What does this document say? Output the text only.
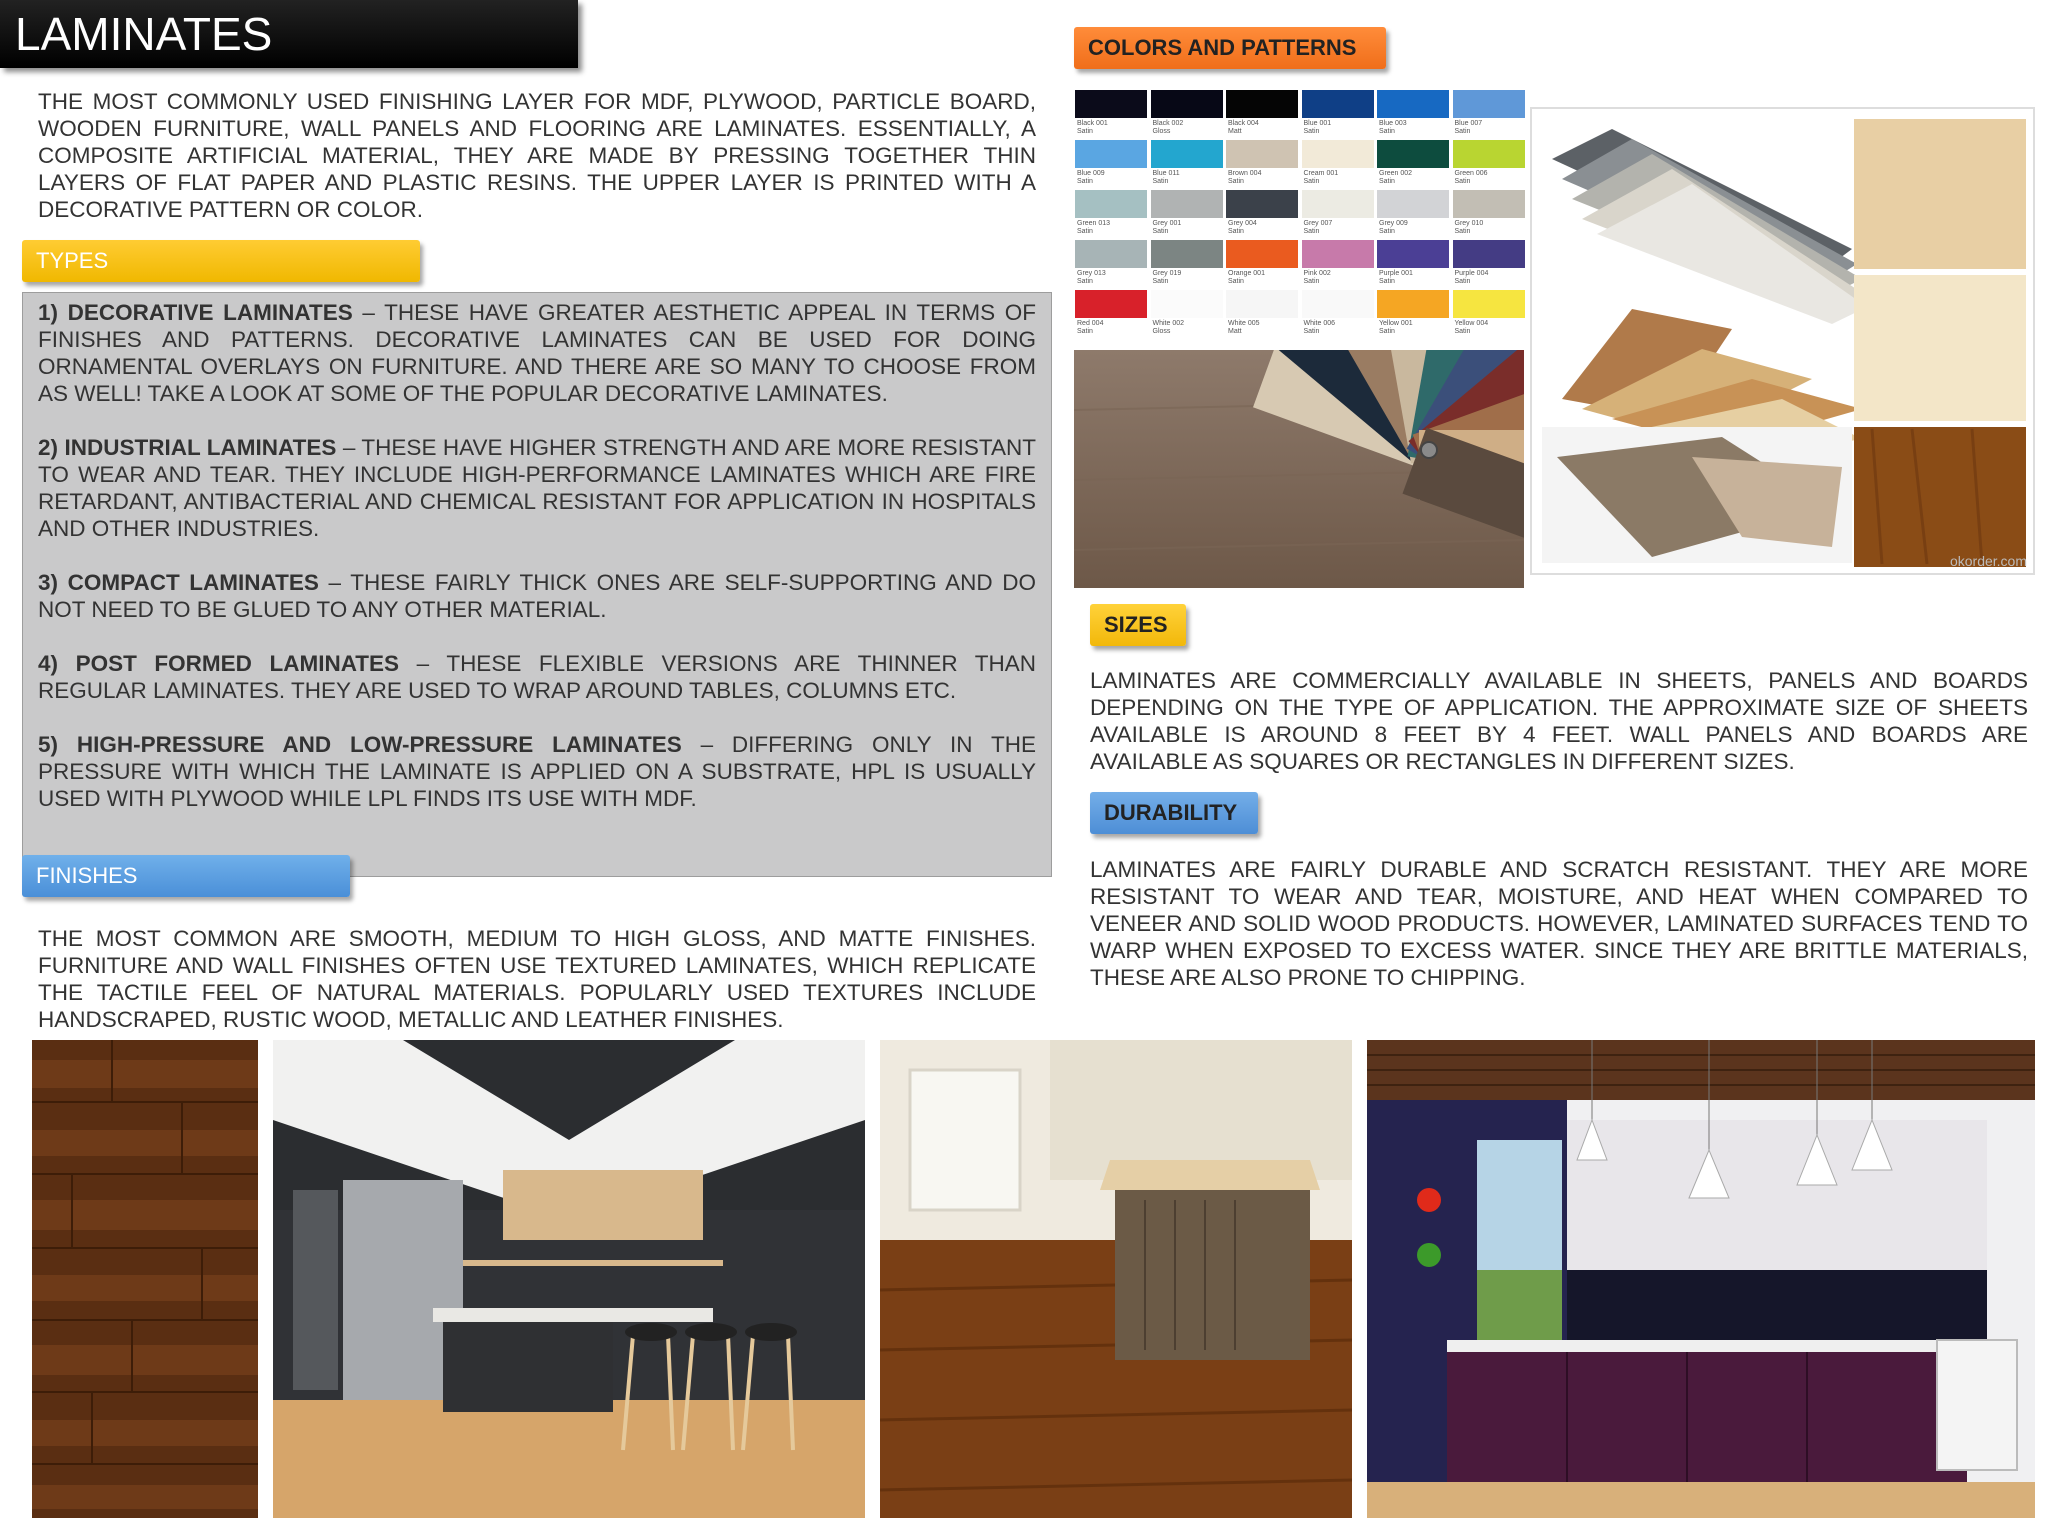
LAMINATES

THE MOST COMMONLY USED FINISHING LAYER FOR MDF, PLYWOOD, PARTICLE BOARD, WOODEN FURNITURE, WALL PANELS AND FLOORING ARE LAMINATES. ESSENTIALLY, A COMPOSITE ARTIFICIAL MATERIAL, THEY ARE MADE BY PRESSING TOGETHER THIN LAYERS OF FLAT PAPER AND PLASTIC RESINS. THE UPPER LAYER IS PRINTED WITH A DECORATIVE PATTERN OR COLOR.

TYPES

1) DECORATIVE LAMINATES – THESE HAVE GREATER AESTHETIC APPEAL IN TERMS OF FINISHES AND PATTERNS. DECORATIVE LAMINATES CAN BE USED FOR DOING ORNAMENTAL OVERLAYS ON FURNITURE. AND THERE ARE SO MANY TO CHOOSE FROM AS WELL! TAKE A LOOK AT SOME OF THE POPULAR DECORATIVE LAMINATES.

2) INDUSTRIAL LAMINATES – THESE HAVE HIGHER STRENGTH AND ARE MORE RESISTANT TO WEAR AND TEAR. THEY INCLUDE HIGH-PERFORMANCE LAMINATES WHICH ARE FIRE RETARDANT, ANTIBACTERIAL AND CHEMICAL RESISTANT FOR APPLICATION IN HOSPITALS AND OTHER INDUSTRIES.

3) COMPACT LAMINATES – THESE FAIRLY THICK ONES ARE SELF-SUPPORTING AND DO NOT NEED TO BE GLUED TO ANY OTHER MATERIAL.

4) POST FORMED LAMINATES – THESE FLEXIBLE VERSIONS ARE THINNER THAN REGULAR LAMINATES. THEY ARE USED TO WRAP AROUND TABLES, COLUMNS ETC.

5) HIGH-PRESSURE AND LOW-PRESSURE LAMINATES – DIFFERING ONLY IN THE PRESSURE WITH WHICH THE LAMINATE IS APPLIED ON A SUBSTRATE, HPL IS USUALLY USED WITH PLYWOOD WHILE LPL FINDS ITS USE WITH MDF.

FINISHES

THE MOST COMMON ARE SMOOTH, MEDIUM TO HIGH GLOSS, AND MATTE FINISHES. FURNITURE AND WALL FINISHES OFTEN USE TEXTURED LAMINATES, WHICH REPLICATE THE TACTILE FEEL OF NATURAL MATERIALS. POPULARLY USED TEXTURES INCLUDE HANDSCRAPED, RUSTIC WOOD, METALLIC AND LEATHER FINISHES.

COLORS AND PATTERNS
Black 001
Satin
Black 002
Gloss
Black 004
Matt
Blue 001
Satin
Blue 003
Satin
Blue 007
Satin
Blue 009
Satin
Blue 011
Satin
Brown 004
Satin
Cream 001
Satin
Green 002
Satin
Green 006
Satin
Green 013
Satin
Grey 001
Satin
Grey 004
Satin
Grey 007
Satin
Grey 009
Satin
Grey 010
Satin
Grey 013
Satin
Grey 019
Satin
Orange 001
Satin
Pink 002
Satin
Purple 001
Satin
Purple 004
Satin
Red 004
Satin
White 002
Gloss
White 005
Matt
White 006
Satin
Yellow 001
Satin
Yellow 004
Satin
okorder.com
SIZES

LAMINATES ARE COMMERCIALLY AVAILABLE IN SHEETS, PANELS AND BOARDS DEPENDING ON THE TYPE OF APPLICATION. THE APPROXIMATE SIZE OF SHEETS AVAILABLE IS AROUND 8 FEET BY 4 FEET. WALL PANELS AND BOARDS ARE AVAILABLE AS SQUARES OR RECTANGLES IN DIFFERENT SIZES.

DURABILITY

LAMINATES ARE FAIRLY DURABLE AND SCRATCH RESISTANT. THEY ARE MORE RESISTANT TO WEAR AND TEAR, MOISTURE, AND HEAT WHEN COMPARED TO VENEER AND SOLID WOOD PRODUCTS. HOWEVER, LAMINATED SURFACES TEND TO WARP WHEN EXPOSED TO EXCESS WATER. SINCE THEY ARE BRITTLE MATERIALS, THESE ARE ALSO PRONE TO CHIPPING.
